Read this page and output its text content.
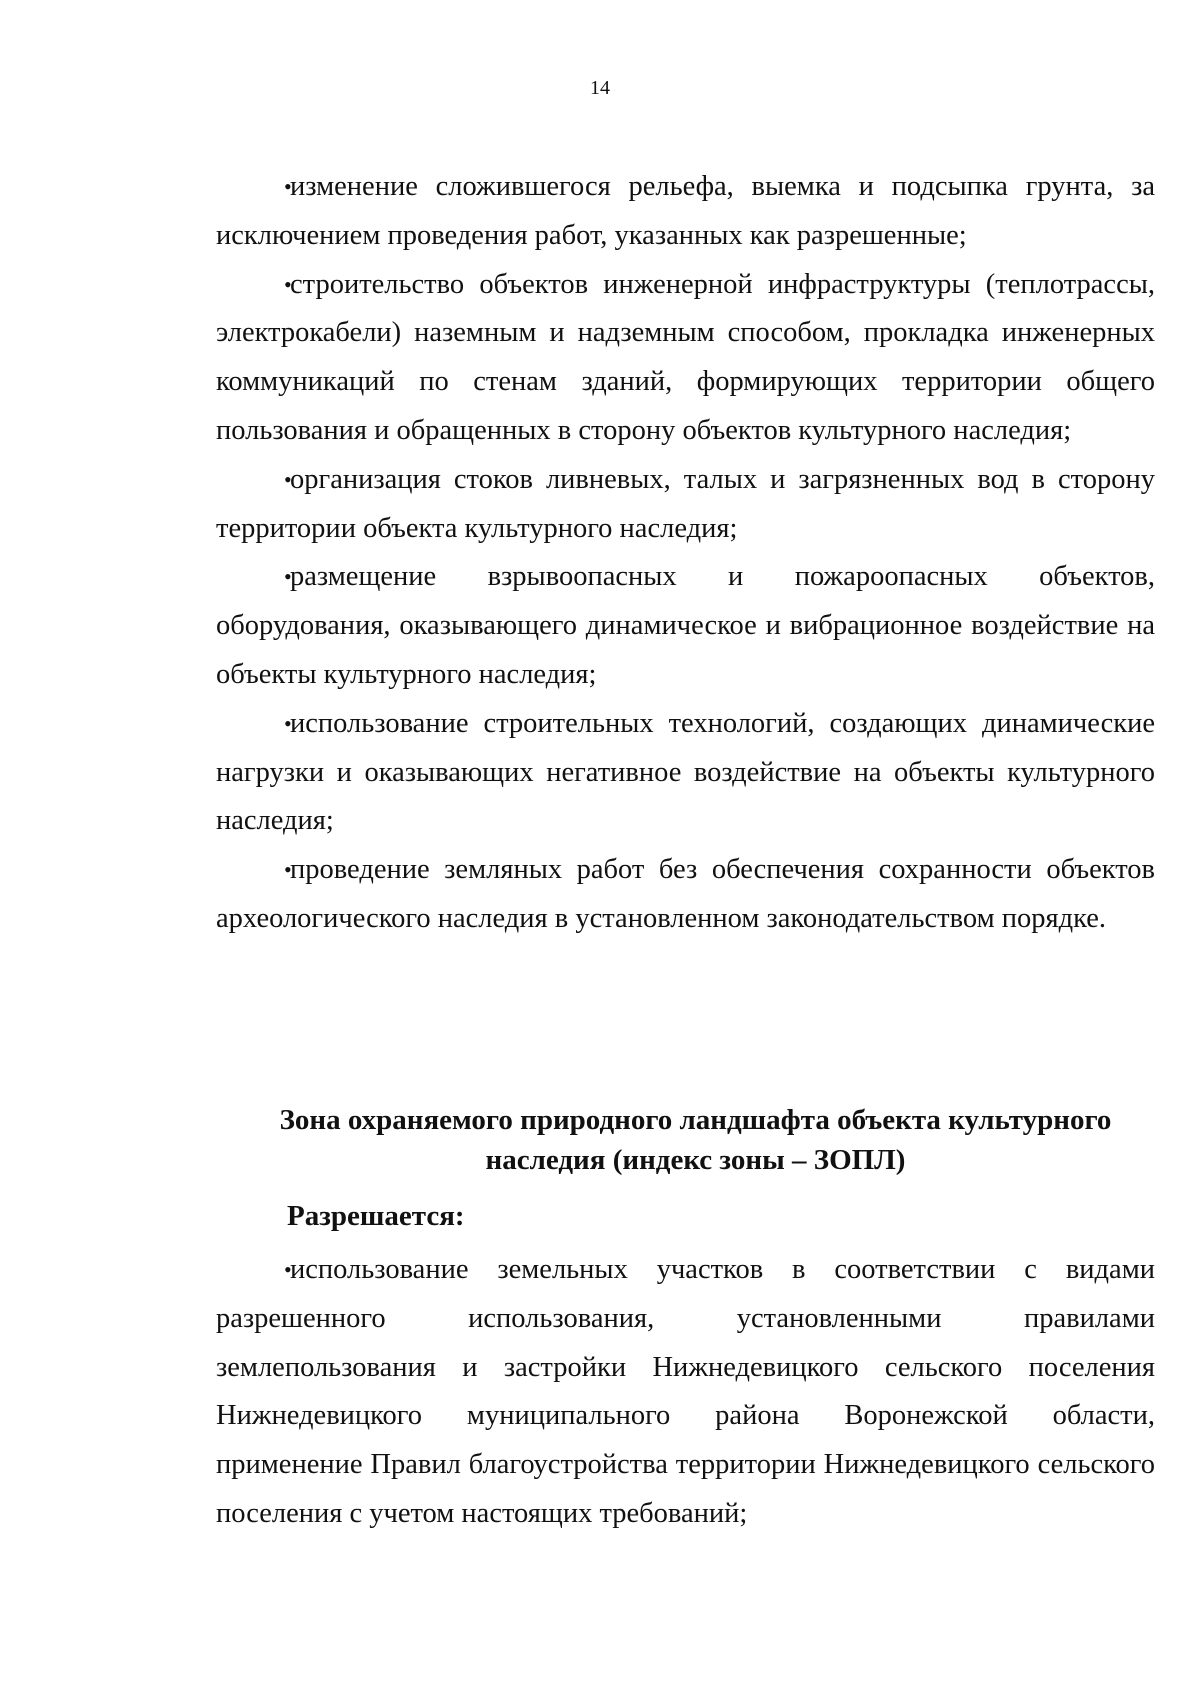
14

•
изменение сложившегося рельефа, выемка и подсыпка грунта, за исключением проведения работ, указанных как разрешенные;

•
строительство объектов инженерной инфраструктуры (теплотрассы, электрокабели) наземным и надземным способом, прокладка инженерных коммуникаций по стенам зданий, формирующих территории общего пользования и обращенных в сторону объектов культурного наследия;

•
организация стоков ливневых, талых и загрязненных вод в сторону территории объекта культурного наследия;

•
размещение взрывоопасных и пожароопасных объектов, оборудования, оказывающего динамическое и вибрационное воздействие на объекты культурного наследия;

•
использование строительных технологий, создающих динамические нагрузки и оказывающих негативное воздействие на объекты культурного наследия;

•
проведение земляных работ без обеспечения сохранности объектов археологического наследия в установленном законодательством порядке.

Зона охраняемого природного ландшафта объекта культурного
наследия (индекс зоны – ЗОПЛ)

Разрешается:

•
использование земельных участков в соответствии с видами разрешенного использования, установленными правилами землепользования и застройки Нижнедевицкого сельского поселения Нижнедевицкого муниципального района Воронежской области, применение Правил благоустройства территории Нижнедевицкого сельского поселения с учетом настоящих требований;
